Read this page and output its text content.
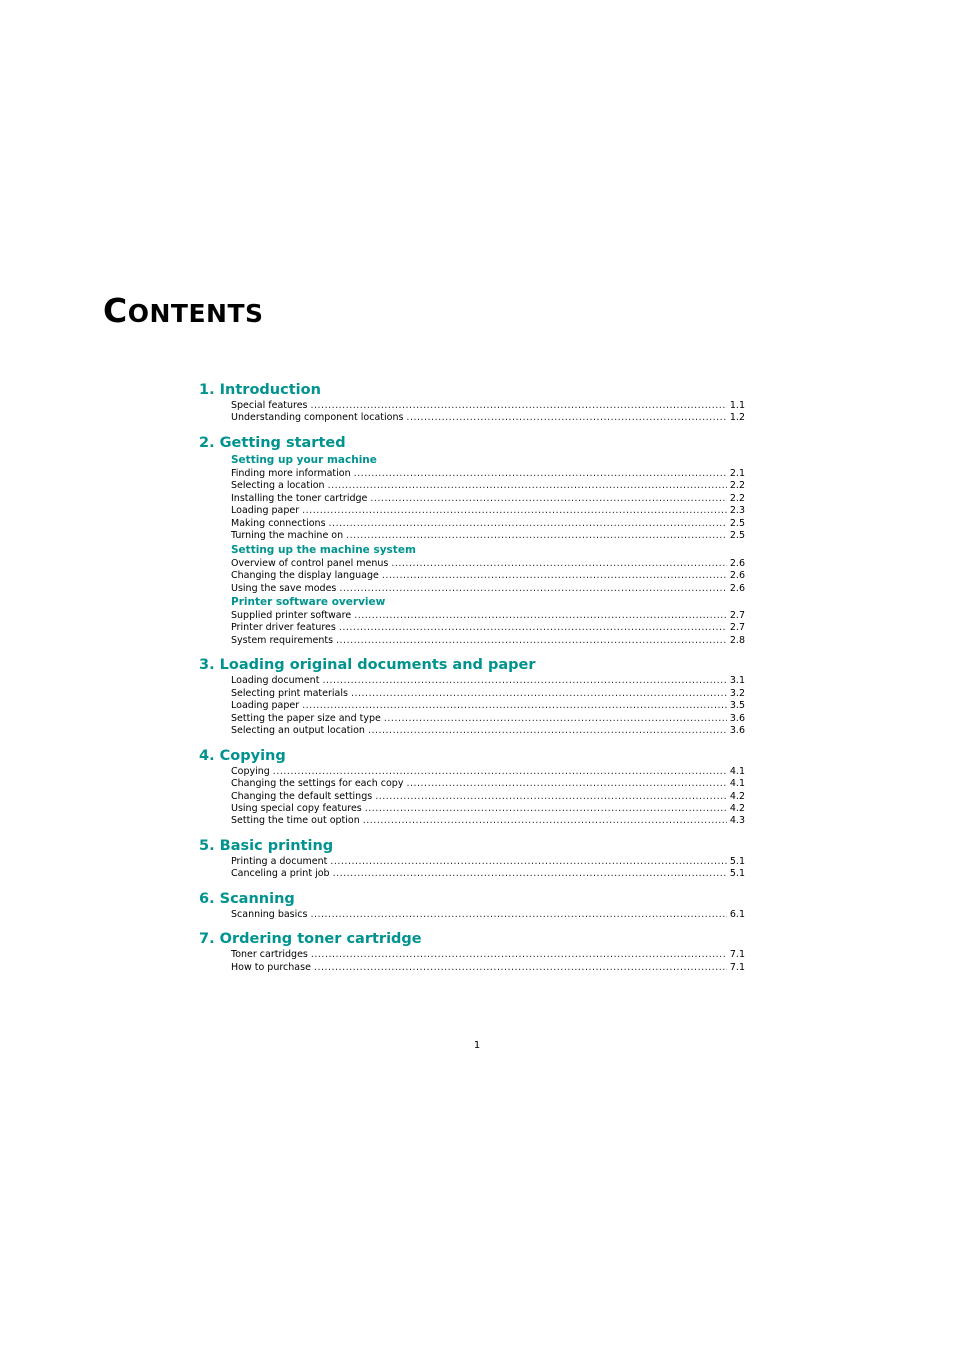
CONTENTS
1. Introduction
Special features .....	1.1
Understanding component locations .....	1.2
2. Getting started
Setting up your machine
Finding more information .....	2.1
Selecting a location .....	2.2
Installing the toner cartridge .....	2.2
Loading paper .....	2.3
Making connections .....	2.5
Turning the machine on .....	2.5
Setting up the machine system
Overview of control panel menus .....	2.6
Changing the display language .....	2.6
Using the save modes .....	2.6
Printer software overview
Supplied printer software .....	2.7
Printer driver features .....	2.7
System requirements .....	2.8
3. Loading original documents and paper
Loading document .....	3.1
Selecting print materials .....	3.2
Loading paper .....	3.5
Setting the paper size and type .....	3.6
Selecting an output location .....	3.6
4. Copying
Copying .....	4.1
Changing the settings for each copy .....	4.1
Changing the default settings .....	4.2
Using special copy features .....	4.2
Setting the time out option .....	4.3
5. Basic printing
Printing a document .....	5.1
Canceling a print job .....	5.1
6. Scanning
Scanning basics .....	6.1
7. Ordering toner cartridge
Toner cartridges .....	7.1
How to purchase .....	7.1
1
